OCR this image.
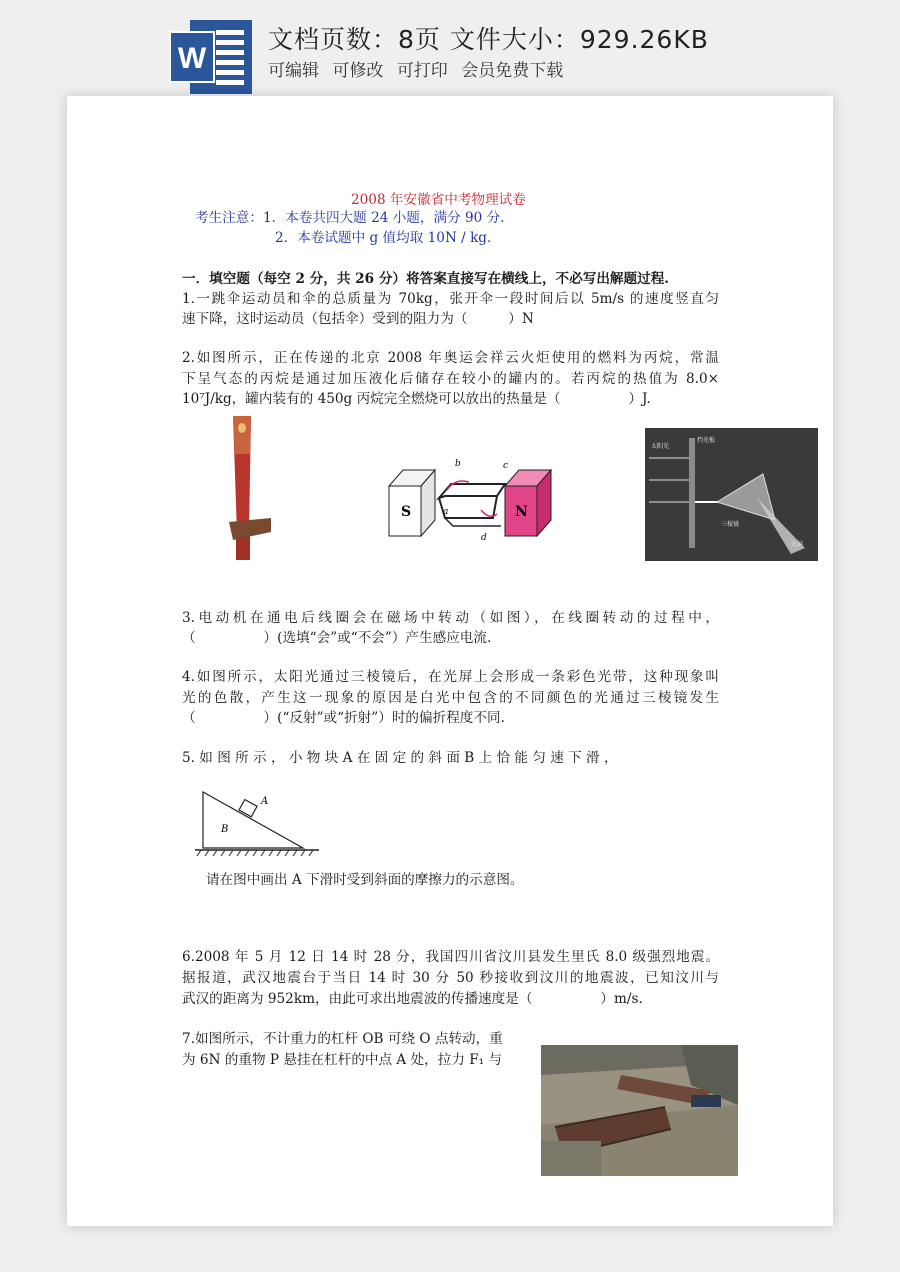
W
文档页数：8页 文件大小：929.26KB
可编辑 可修改 可打印 会员免费下载
2008 年安徽省中考物理试卷
考生注意：1．本卷共四大题 24 小题，满分 90 分．
2．本卷试题中 g 值均取 10N / kg．
一．填空题（每空 2 分，共 26 分）将答案直接写在横线上，不必写出解题过程.
1.一跳伞运动员和伞的总质量为 70kg，张开伞一段时间后以 5m/s 的速度竖直匀
速下降，这时运动员（包括伞）受到的阻力为（　　　）N
2.如图所示，正在传递的北京 2008 年奥运会祥云火炬使用的燃料为丙烷，常温
下呈气态的丙烷是通过加压液化后储存在较小的罐内的。若丙烷的热值为 8.0×
10⁷J/kg，罐内装有的 450g 丙烷完全燃烧可以放出的热量是（　　　　　）J.
S	N
b
a
c
d
太阳光
挡光板
三棱镜
光屏
3.电动机在通电后线圈会在磁场中转动（如图），在线圈转动的过程中，
（　　　　　）(选填“会”或“不会”）产生感应电流.
4.如图所示，太阳光通过三棱镜后，在光屏上会形成一条彩色光带，这种现象叫
光的色散，产生这一现象的原因是白光中包含的不同颜色的光通过三棱镜发生
（　　　　　）(“反射”或“折射”）时的偏折程度不同.
5. 如 图 所 示 ， 小 物 块 A 在 固 定 的 斜 面 B 上 恰 能 匀 速 下 滑 ，
A
B
请在图中画出 A 下滑时受到斜面的摩擦力的示意图。
6.2008 年 5 月 12 日 14 时 28 分，我国四川省汶川县发生里氏 8.0 级强烈地震。
据报道，武汉地震台于当日 14 时 30 分 50 秒接收到汶川的地震波，已知汶川与
武汉的距离为 952km，由此可求出地震波的传播速度是（　　　　　）m/s.
7.如图所示，不计重力的杠杆 OB 可绕 O 点转动，重
为 6N 的重物 P 悬挂在杠杆的中点 A 处，拉力 F₁ 与
